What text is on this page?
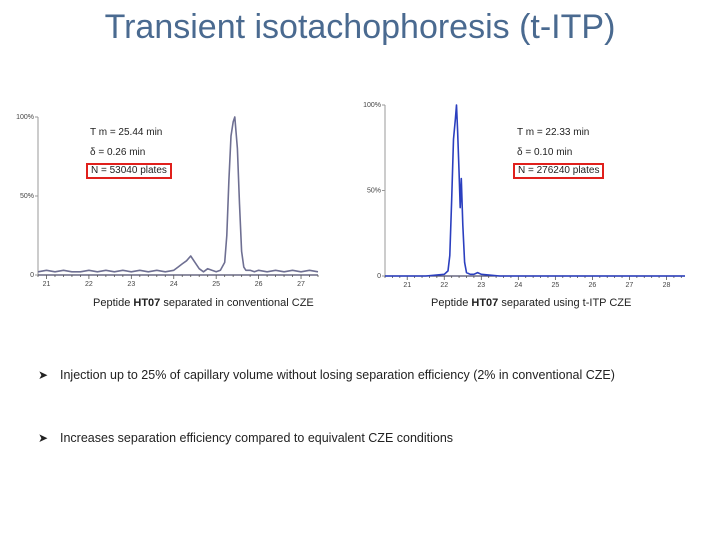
Transient isotachophoresis (t-ITP)
100%
50%
0
21	22	23	24	25	26	27
T m = 25.44 min
δ = 0.26 min
N = 53040 plates
Peptide HT07 separated in conventional CZE
100%
50%
0
21	22	23	24	25	26	27	28
T m = 22.33 min
δ = 0.10 min
N = 276240 plates
Peptide HT07 separated using t-ITP CZE
➤ Injection up to 25% of capillary volume without losing separation efficiency (2% in conventional CZE)
➤ Increases separation efficiency compared to equivalent CZE conditions
